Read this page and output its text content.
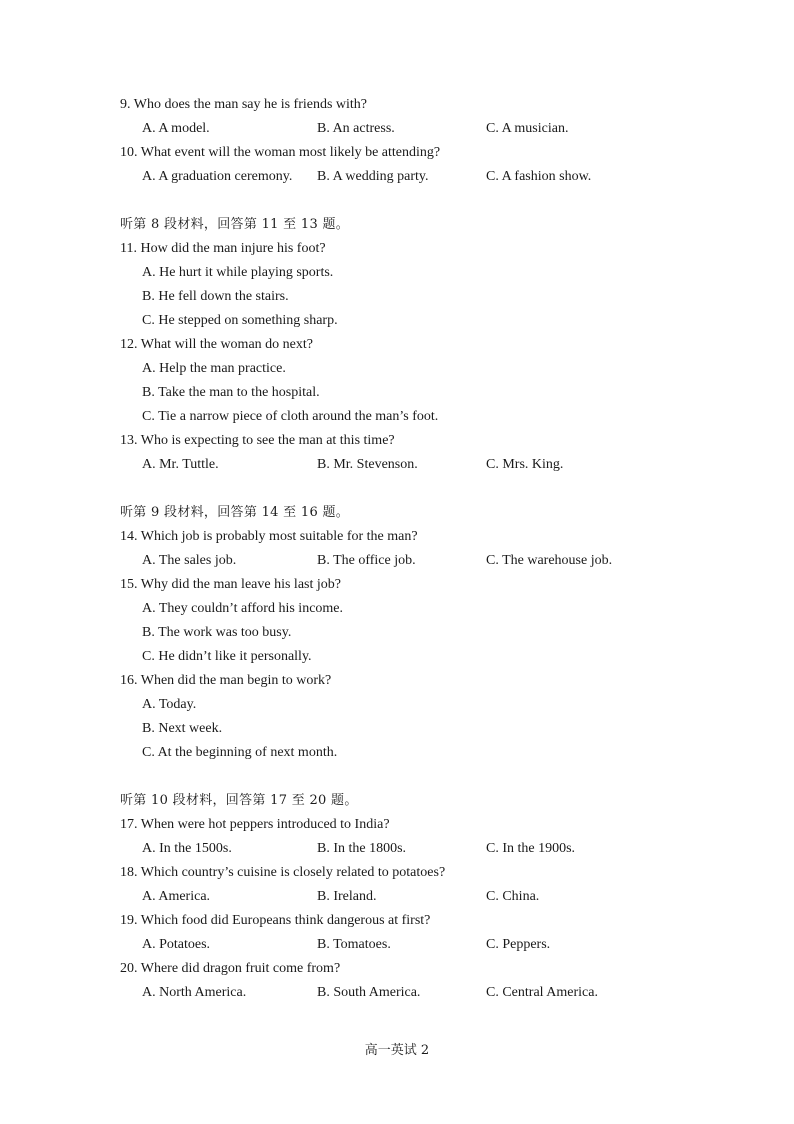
9. Who does the man say he is friends with?
A. A model.	B. An actress.	C. A musician.
10. What event will the woman most likely be attending?
A. A graduation ceremony.	B. A wedding party.	C. A fashion show.
听第 8 段材料，回答第 11 至 13 题。
11. How did the man injure his foot?
A. He hurt it while playing sports.
B. He fell down the stairs.
C. He stepped on something sharp.
12. What will the woman do next?
A. Help the man practice.
B. Take the man to the hospital.
C. Tie a narrow piece of cloth around the man’s foot.
13. Who is expecting to see the man at this time?
A. Mr. Tuttle.	B. Mr. Stevenson.	C. Mrs. King.
听第 9 段材料，回答第 14 至 16 题。
14. Which job is probably most suitable for the man?
A. The sales job.	B. The office job.	C. The warehouse job.
15. Why did the man leave his last job?
A. They couldn’t afford his income.
B. The work was too busy.
C. He didn’t like it personally.
16. When did the man begin to work?
A. Today.
B. Next week.
C. At the beginning of next month.
听第 10 段材料，回答第 17 至 20 题。
17. When were hot peppers introduced to India?
A. In the 1500s.	B. In the 1800s.	C. In the 1900s.
18. Which country’s cuisine is closely related to potatoes?
A. America.	B. Ireland.	C. China.
19. Which food did Europeans think dangerous at first?
A. Potatoes.	B. Tomatoes.	C. Peppers.
20. Where did dragon fruit come from?
A. North America.	B. South America.	C. Central America.
高一英试 2
